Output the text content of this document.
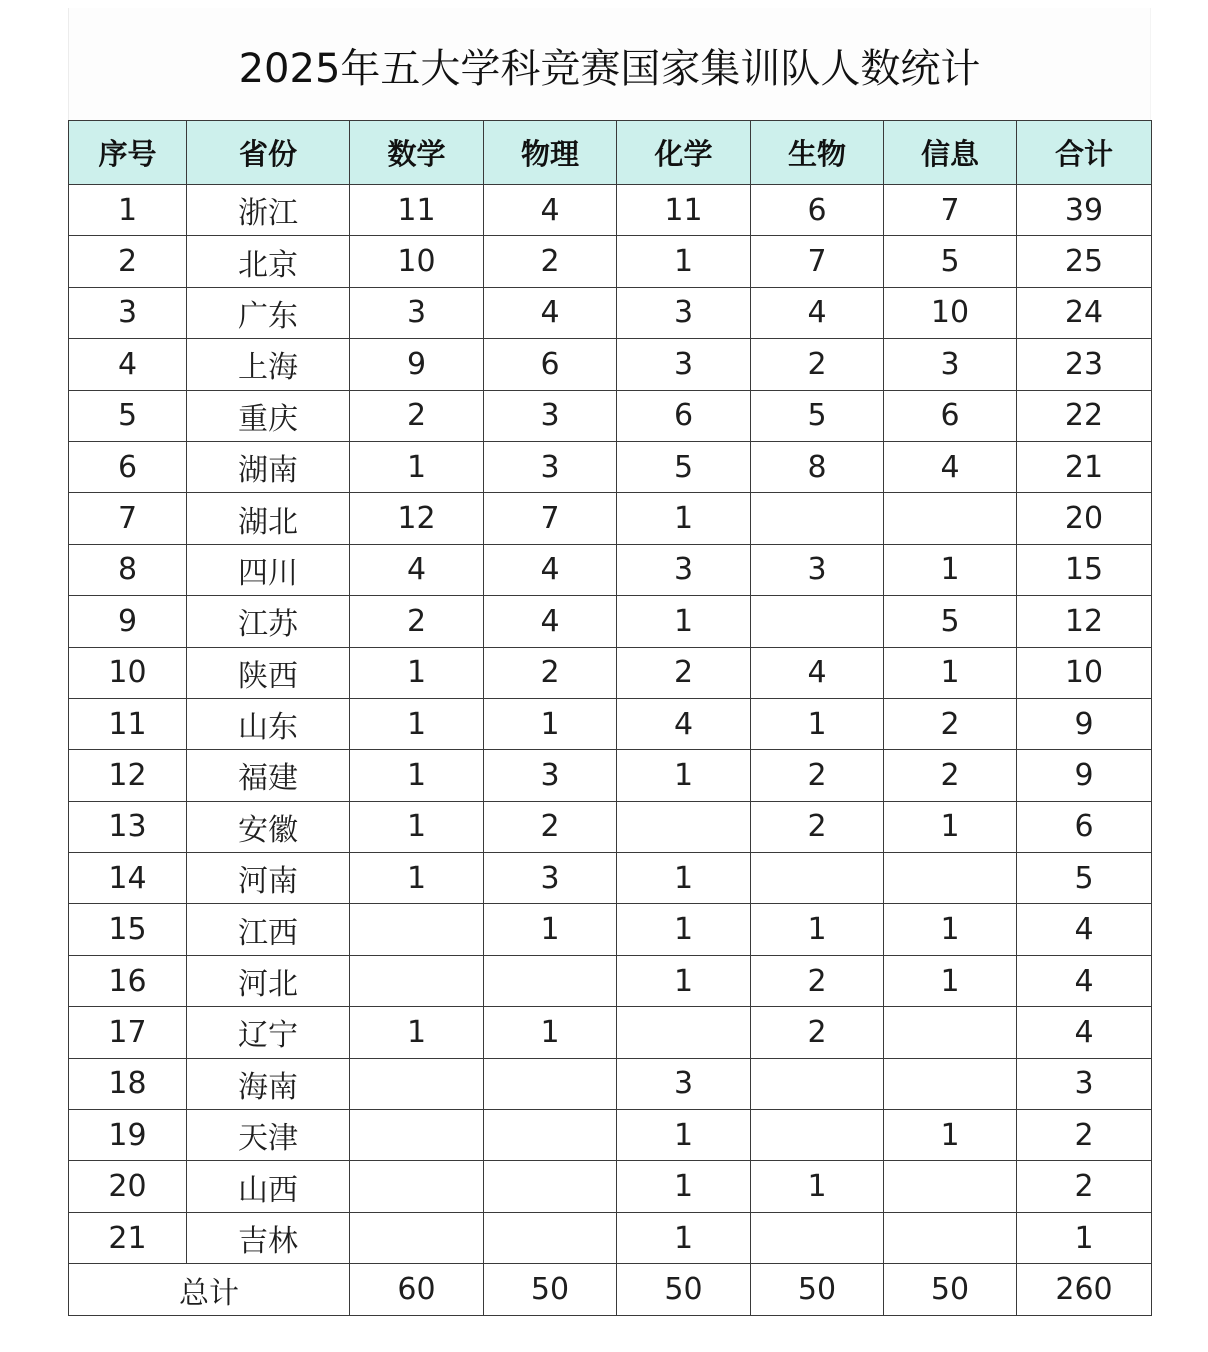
2025年五大学科竞赛国家集训队人数统计
序号	省份	数学	物理	化学	生物	信息	合计
1	浙江	11	4	11	6	7	39
2	北京	10	2	1	7	5	25
3	广东	3	4	3	4	10	24
4	上海	9	6	3	2	3	23
5	重庆	2	3	6	5	6	22
6	湖南	1	3	5	8	4	21
7	湖北	12	7	1			20
8	四川	4	4	3	3	1	15
9	江苏	2	4	1		5	12
10	陕西	1	2	2	4	1	10
11	山东	1	1	4	1	2	9
12	福建	1	3	1	2	2	9
13	安徽	1	2		2	1	6
14	河南	1	3	1			5
15	江西		1	1	1	1	4
16	河北			1	2	1	4
17	辽宁	1	1		2		4
18	海南			3			3
19	天津			1		1	2
20	山西			1	1		2
21	吉林			1			1
总计		60	50	50	50	50	260
